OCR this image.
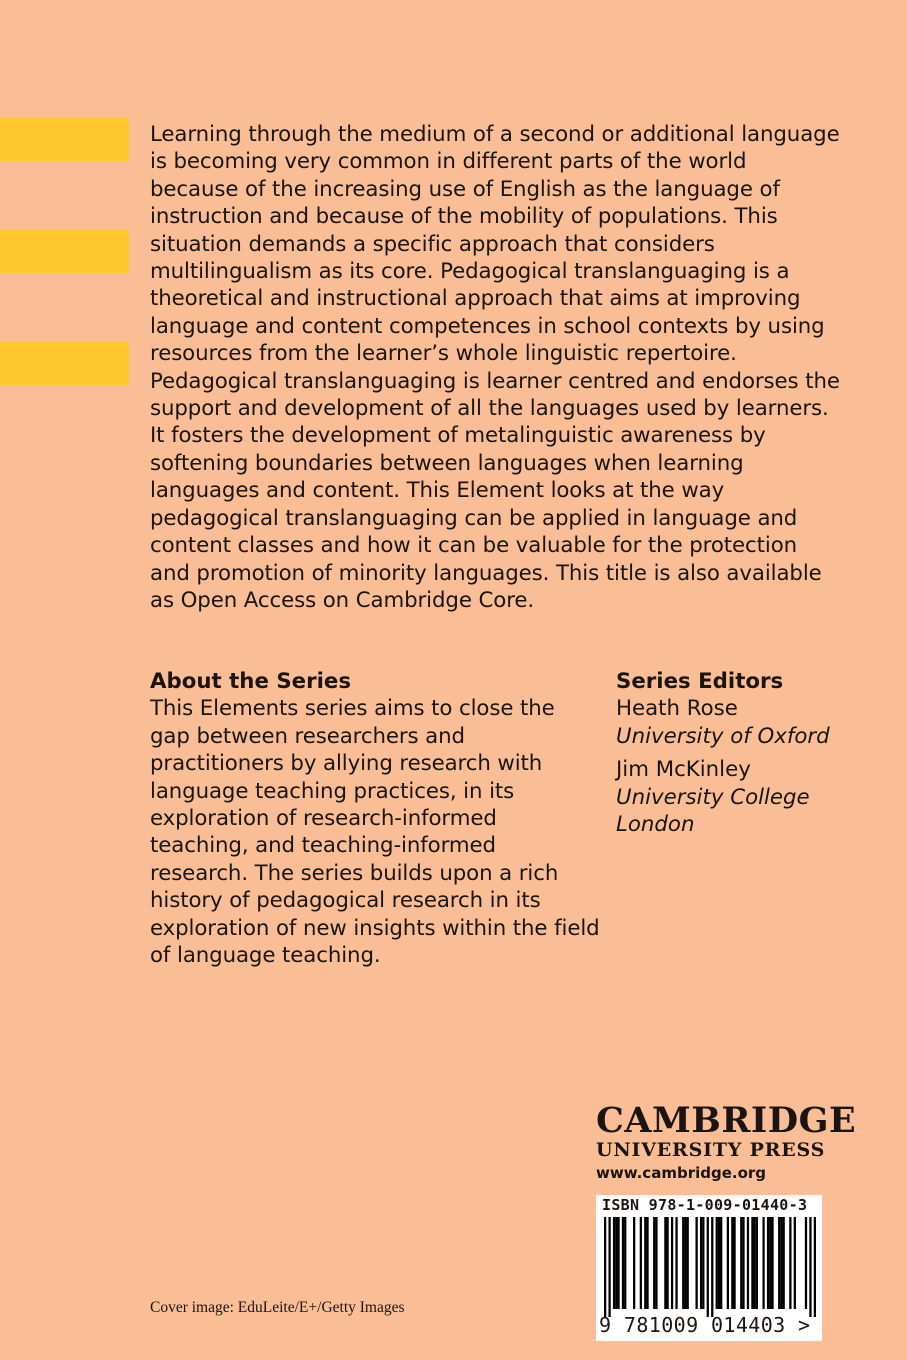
Learning through the medium of a second or additional language is becoming very common in different parts of the world because of the increasing use of English as the language of instruction and because of the mobility of populations. This situation demands a specific approach that considers multilingualism as its core. Pedagogical translanguaging is a theoretical and instructional approach that aims at improving language and content competences in school contexts by using resources from the learner’s whole linguistic repertoire. Pedagogical translanguaging is learner centred and endorses the support and development of all the languages used by learners. It fosters the development of metalinguistic awareness by softening boundaries between languages when learning languages and content. This Element looks at the way pedagogical translanguaging can be applied in language and content classes and how it can be valuable for the protection and promotion of minority languages. This title is also available as Open Access on Cambridge Core.

About the Series

This Elements series aims to close the gap between researchers and practitioners by allying research with language teaching practices, in its exploration of research-informed teaching, and teaching-informed research. The series builds upon a rich history of pedagogical research in its exploration of new insights within the field of language teaching.

Series Editors

Heath Rose

University of Oxford

Jim McKinley

University College London

CAMBRIDGE

UNIVERSITY PRESS

www.cambridge.org

ISBN 978-1-009-01440-3
9 781009 014403 >
Cover image: EduLeite/E+/Getty Images
